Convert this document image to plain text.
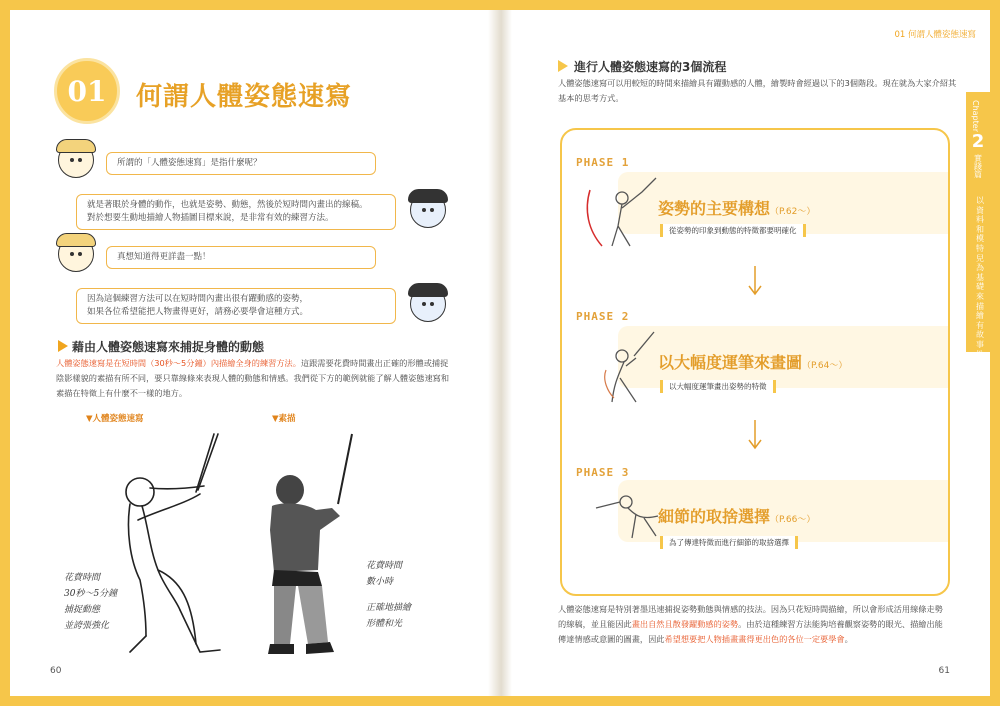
01	何謂人體姿態速寫
所謂的「人體姿態速寫」是指什麼呢？
就是著眼於身體的動作，也就是姿勢、動態，然後於短時間內畫出的線稿。
對於想要生動地描繪人物插圖目標來說，是非常有效的練習方法。
真想知道得更詳盡一點！
因為這個練習方法可以在短時間內畫出很有躍動感的姿勢，
如果各位希望能把人物畫得更好，請務必要學會這種方式。
藉由人體姿態速寫來捕捉身體的動態
人體姿態速寫是在短時間（30秒～5分鐘）內描繪全身的練習方法。這跟需要花費時間畫出正確的形體或捕捉陰影樣貌的素描有所不同，要只靠線條來表現人體的動態和情感。我們從下方的範例就能了解人體姿態速寫和素描在特徵上有什麼不一樣的地方。
▼人體姿態速寫	▼素描
花費時間
30秒～5分鐘
捕捉動態
並誇張強化
花費時間
數小時
正確地描繪
形體和光
60
01 何謂人體姿態速寫
Chapter
2
實踐篇
以資料和模特兒為基礎來描繪有故事性的畫面
進行人體姿態速寫的3個流程
人體姿態速寫可以用較短的時間來描繪具有躍動感的人體，繪製時會經過以下的3個階段。現在就為大家介紹其基本的思考方式。
PHASE 1
姿勢的主要構想（P.62～）
從姿勢的印象到動態的特徵都要明確化
PHASE 2
以大幅度運筆來畫圖（P.64～）
以大幅度運筆畫出姿勢的特徵
PHASE 3
細節的取捨選擇（P.66～）
為了傳達特徵而進行細節的取捨選擇
人體姿態速寫是特別著墨迅速捕捉姿勢動態與情感的技法。因為只花短時間描繪，所以會形成活用線條走勢
的線稿，並且能因此畫出自然且散發躍動感的姿勢。由於這種練習方法能夠培養觀察姿勢的眼光、描繪出能
傳達情感或意圖的圖畫，因此希望想要把人物插畫畫得更出色的各位一定要學會。
61
